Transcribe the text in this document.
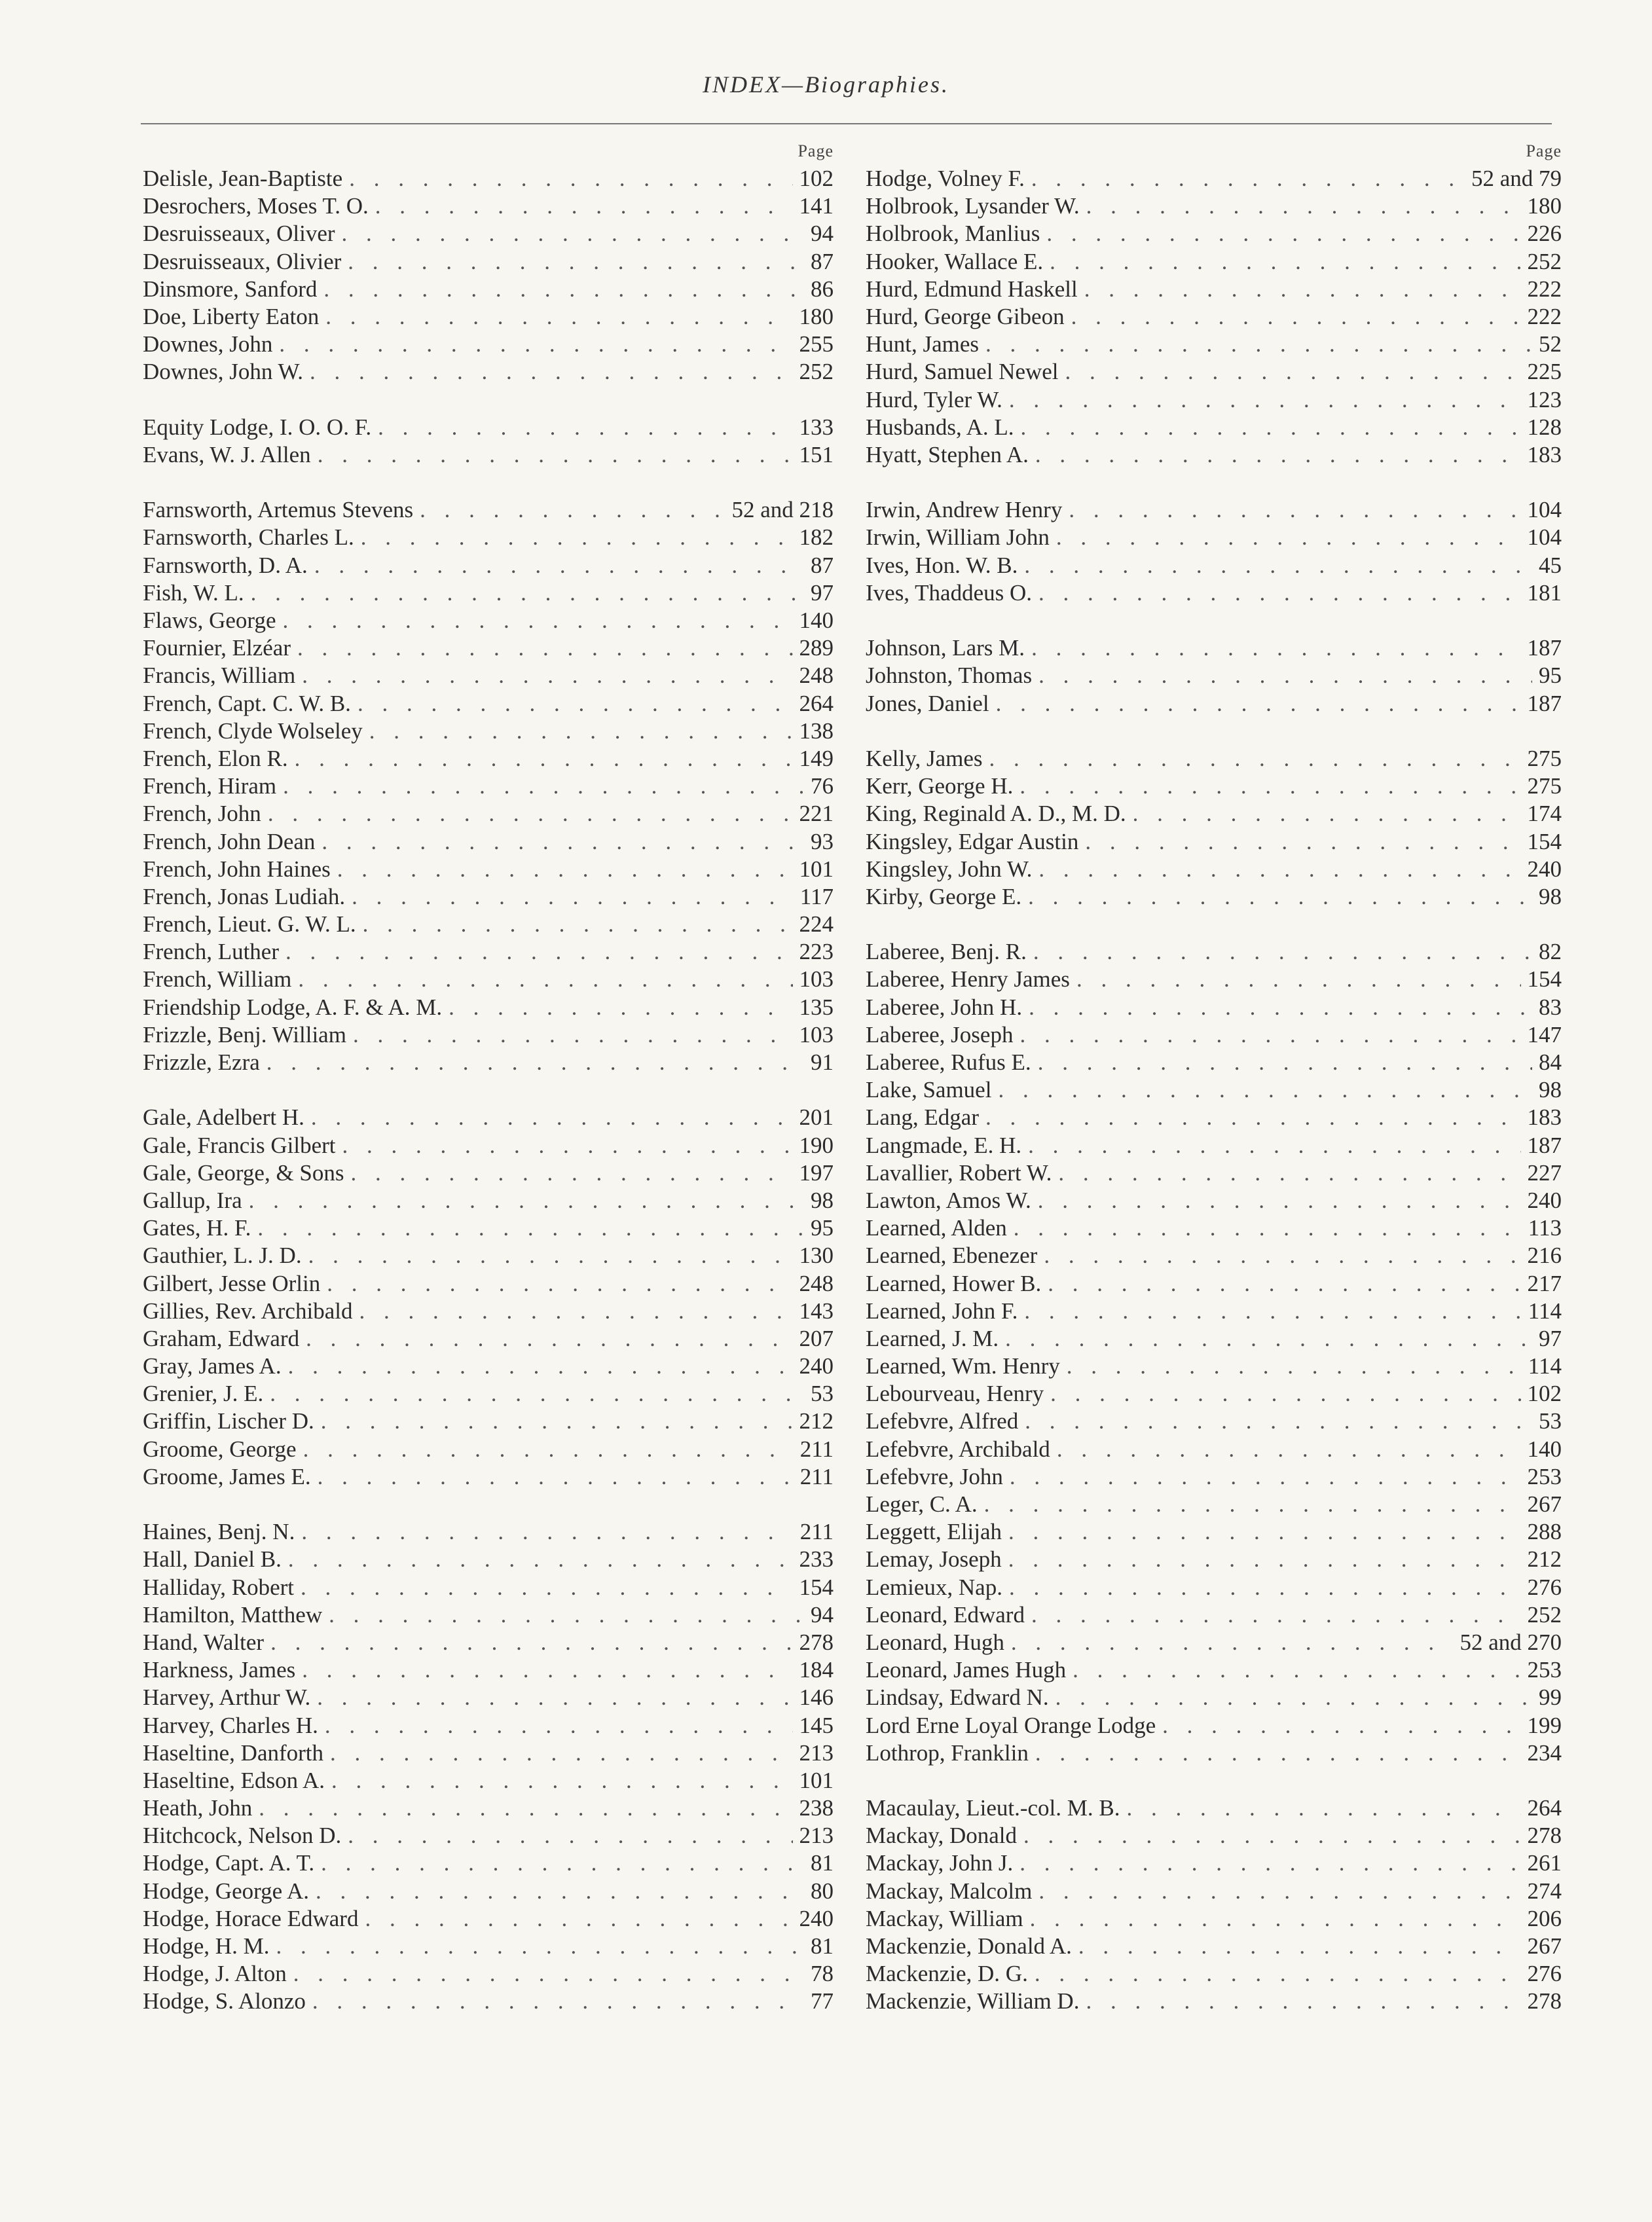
INDEX—Biographies.
Page
Delisle, Jean-Baptiste . . .	102
Desrochers, Moses T. O. . . .	141
Desruisseaux, Oliver . . .	94
Desruisseaux, Olivier . . .	87
Dinsmore, Sanford . . .	86
Doe, Liberty Eaton . . .	180
Downes, John . . .	255
Downes, John W. . . .	252
Equity Lodge, I. O. O. F. . . .	133
Evans, W. J. Allen . . .	151
Farnsworth, Artemus Stevens . . .	52 and 218
Farnsworth, Charles L. . . .	182
Farnsworth, D. A. . . .	87
Fish, W. L. . . .	97
Flaws, George . . .	140
Fournier, Elzéar . . .	289
Francis, William . . .	248
French, Capt. C. W. B. . . .	264
French, Clyde Wolseley . . .	138
French, Elon R. . . .	149
French, Hiram . . .	76
French, John . . .	221
French, John Dean . . .	93
French, John Haines . . .	101
French, Jonas Ludiah. . . .	117
French, Lieut. G. W. L. . . .	224
French, Luther . . .	223
French, William . . .	103
Friendship Lodge, A. F. & A. M. . . .	135
Frizzle, Benj. William . . .	103
Frizzle, Ezra . . .	91
Gale, Adelbert H. . . .	201
Gale, Francis Gilbert . . .	190
Gale, George, & Sons . . .	197
Gallup, Ira . . .	98
Gates, H. F. . . .	95
Gauthier, L. J. D. . . .	130
Gilbert, Jesse Orlin . . .	248
Gillies, Rev. Archibald . . .	143
Graham, Edward . . .	207
Gray, James A. . . .	240
Grenier, J. E. . . .	53
Griffin, Lischer D. . . .	212
Groome, George . . .	211
Groome, James E. . . .	211
Haines, Benj. N. . . .	211
Hall, Daniel B. . . .	233
Halliday, Robert . . .	154
Hamilton, Matthew . . .	94
Hand, Walter . . .	278
Harkness, James . . .	184
Harvey, Arthur W. . . .	146
Harvey, Charles H. . . .	145
Haseltine, Danforth . . .	213
Haseltine, Edson A. . . .	101
Heath, John . . .	238
Hitchcock, Nelson D. . . .	213
Hodge, Capt. A. T. . . .	81
Hodge, George A. . . .	80
Hodge, Horace Edward . . .	240
Hodge, H. M. . . .	81
Hodge, J. Alton . . .	78
Hodge, S. Alonzo . . .	77
Page
Hodge, Volney F. . . .	52 and 79
Holbrook, Lysander W. . . .	180
Holbrook, Manlius . . .	226
Hooker, Wallace E. . . .	252
Hurd, Edmund Haskell . . .	222
Hurd, George Gibeon . . .	222
Hunt, James . . .	52
Hurd, Samuel Newel . . .	225
Hurd, Tyler W. . . .	123
Husbands, A. L. . . .	128
Hyatt, Stephen A. . . .	183
Irwin, Andrew Henry . . .	104
Irwin, William John . . .	104
Ives, Hon. W. B. . . .	45
Ives, Thaddeus O. . . .	181
Johnson, Lars M. . . .	187
Johnston, Thomas . . .	95
Jones, Daniel . . .	187
Kelly, James . . .	275
Kerr, George H. . . .	275
King, Reginald A. D., M. D. . . .	174
Kingsley, Edgar Austin . . .	154
Kingsley, John W. . . .	240
Kirby, George E. . . .	98
Laberee, Benj. R. . . .	82
Laberee, Henry James . . .	154
Laberee, John H. . . .	83
Laberee, Joseph . . .	147
Laberee, Rufus E. . . .	84
Lake, Samuel . . .	98
Lang, Edgar . . .	183
Langmade, E. H. . . .	187
Lavallier, Robert W. . . .	227
Lawton, Amos W. . . .	240
Learned, Alden . . .	113
Learned, Ebenezer . . .	216
Learned, Hower B. . . .	217
Learned, John F. . . .	114
Learned, J. M. . . .	97
Learned, Wm. Henry . . .	114
Lebourveau, Henry . . .	102
Lefebvre, Alfred . . .	53
Lefebvre, Archibald . . .	140
Lefebvre, John . . .	253
Leger, C. A. . . .	267
Leggett, Elijah . . .	288
Lemay, Joseph . . .	212
Lemieux, Nap. . . .	276
Leonard, Edward . . .	252
Leonard, Hugh . . .	52 and 270
Leonard, James Hugh . . .	253
Lindsay, Edward N. . . .	99
Lord Erne Loyal Orange Lodge . . .	199
Lothrop, Franklin . . .	234
Macaulay, Lieut.-col. M. B. . . .	264
Mackay, Donald . . .	278
Mackay, John J. . . .	261
Mackay, Malcolm . . .	274
Mackay, William . . .	206
Mackenzie, Donald A. . . .	267
Mackenzie, D. G. . . .	276
Mackenzie, William D. . . .	278
